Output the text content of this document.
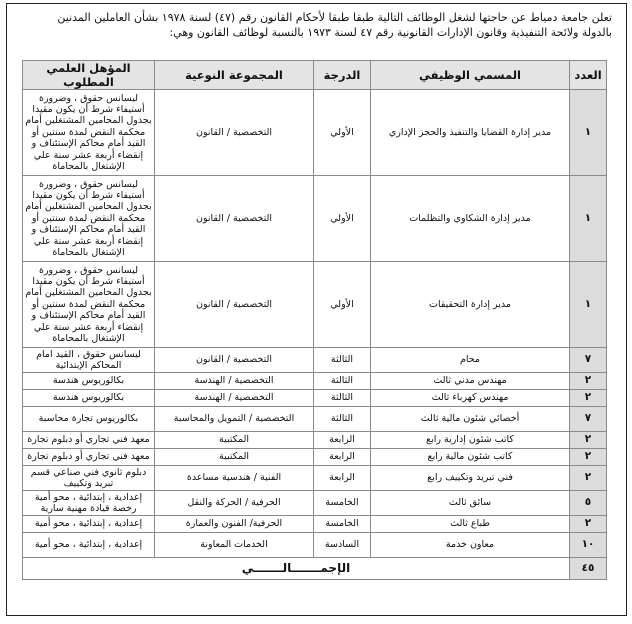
تعلن جامعة دمياط عن حاجتها لشغل الوظائف التالية طبقا طبقا لأحكام القانون رقم (٤٧) لسنة ١٩٧٨ بشأن العاملين المدنين
بالدولة ولائحة التنفيذية وقانون الإدارات القانونية رقم ٤٧ لسنة ١٩٧٣ بالنسبة لوظائف القانون وهي:
العدد	المسمي الوظيفي	الدرجة	المجموعة النوعية	المؤهل العلمي المطلوب
١	مدير إدارة القضايا والتنفيذ والحجز الإداري	الأولي	التخصصية / القانون	ليسانس حقوق ، وضرورة أستيفاء شرط أن يكون مقيدا بجدول المحامين المشتغلين أمام محكمة النقض لمدة سنتين أو القيد أمام محاكم الإستئناف و إنقضاء أربعة عشر سنة علي الإشتغال بالمحاماة
١	مدير إدارة الشكاوي والتظلمات	الأولي	التخصصية / القانون	ليسانس حقوق ، وضرورة أستيفاء شرط أن يكون مقيدا بجدول المحامين المشتغلين أمام محكمة النقض لمدة سنتين أو القيد أمام محاكم الإستئناف و إنقضاء أربعة عشر سنة علي الإشتغال بالمحاماة
١	مدير إدارة التحقيقات	الأولي	التخصصية / القانون	ليسانس حقوق ، وضرورة أستيفاء شرط أن يكون مقيدا بجدول المحامين المشتغلين أمام محكمة النقض لمدة سنتين أو القيد أمام محاكم الإستئناف و إنقضاء أربعة عشر سنة علي الإشتغال بالمحاماة
٧	محام	الثالثة	التخصصية / القانون	ليسانس حقوق ، القيد امام المحاكم الإبتدائية
٢	مهندس مدني ثالث	الثالثة	التخصصية / الهندسة	بكالوريوس هندسة
٢	مهندس كهرباء ثالث	الثالثة	التخصصية / الهندسة	بكالوريوس هندسة
٧	أخصائي شئون مالية ثالث	الثالثة	التخصصية / التمويل والمحاسبة	بكالوريوس تجارة محاسبة
٢	كاتب شئون إدارية رابع	الرابعة	المكتبية	معهد فني تجاري أو دبلوم تجارة
٢	كاتب شئون مالية رابع	الرابعة	المكتبية	معهد فني تجاري أو دبلوم تجارة
٢	فني تبريد وتكييف رابع	الرابعة	الفنية / هندسية مساعدة	دبلوم ثانوي فني صناعي قسم تبريد وتكييف
٥	سائق ثالث	الخامسة	الحرفية / الحركة والنقل	إعدادية ، إبتدائية ، محو أمية رخصة قيادة مهنية سارية
٢	طباع ثالث	الخامسة	الحرفية/ الفنون والعمارة	إعدادية ، إبتدائية ، محو أمية
١٠	معاون خدمة	السادسة	الخدمات المعاونة	إعدادية ، إبتدائية ، محو أمية
٤٥	الإجمـــــــالـــــــي			
